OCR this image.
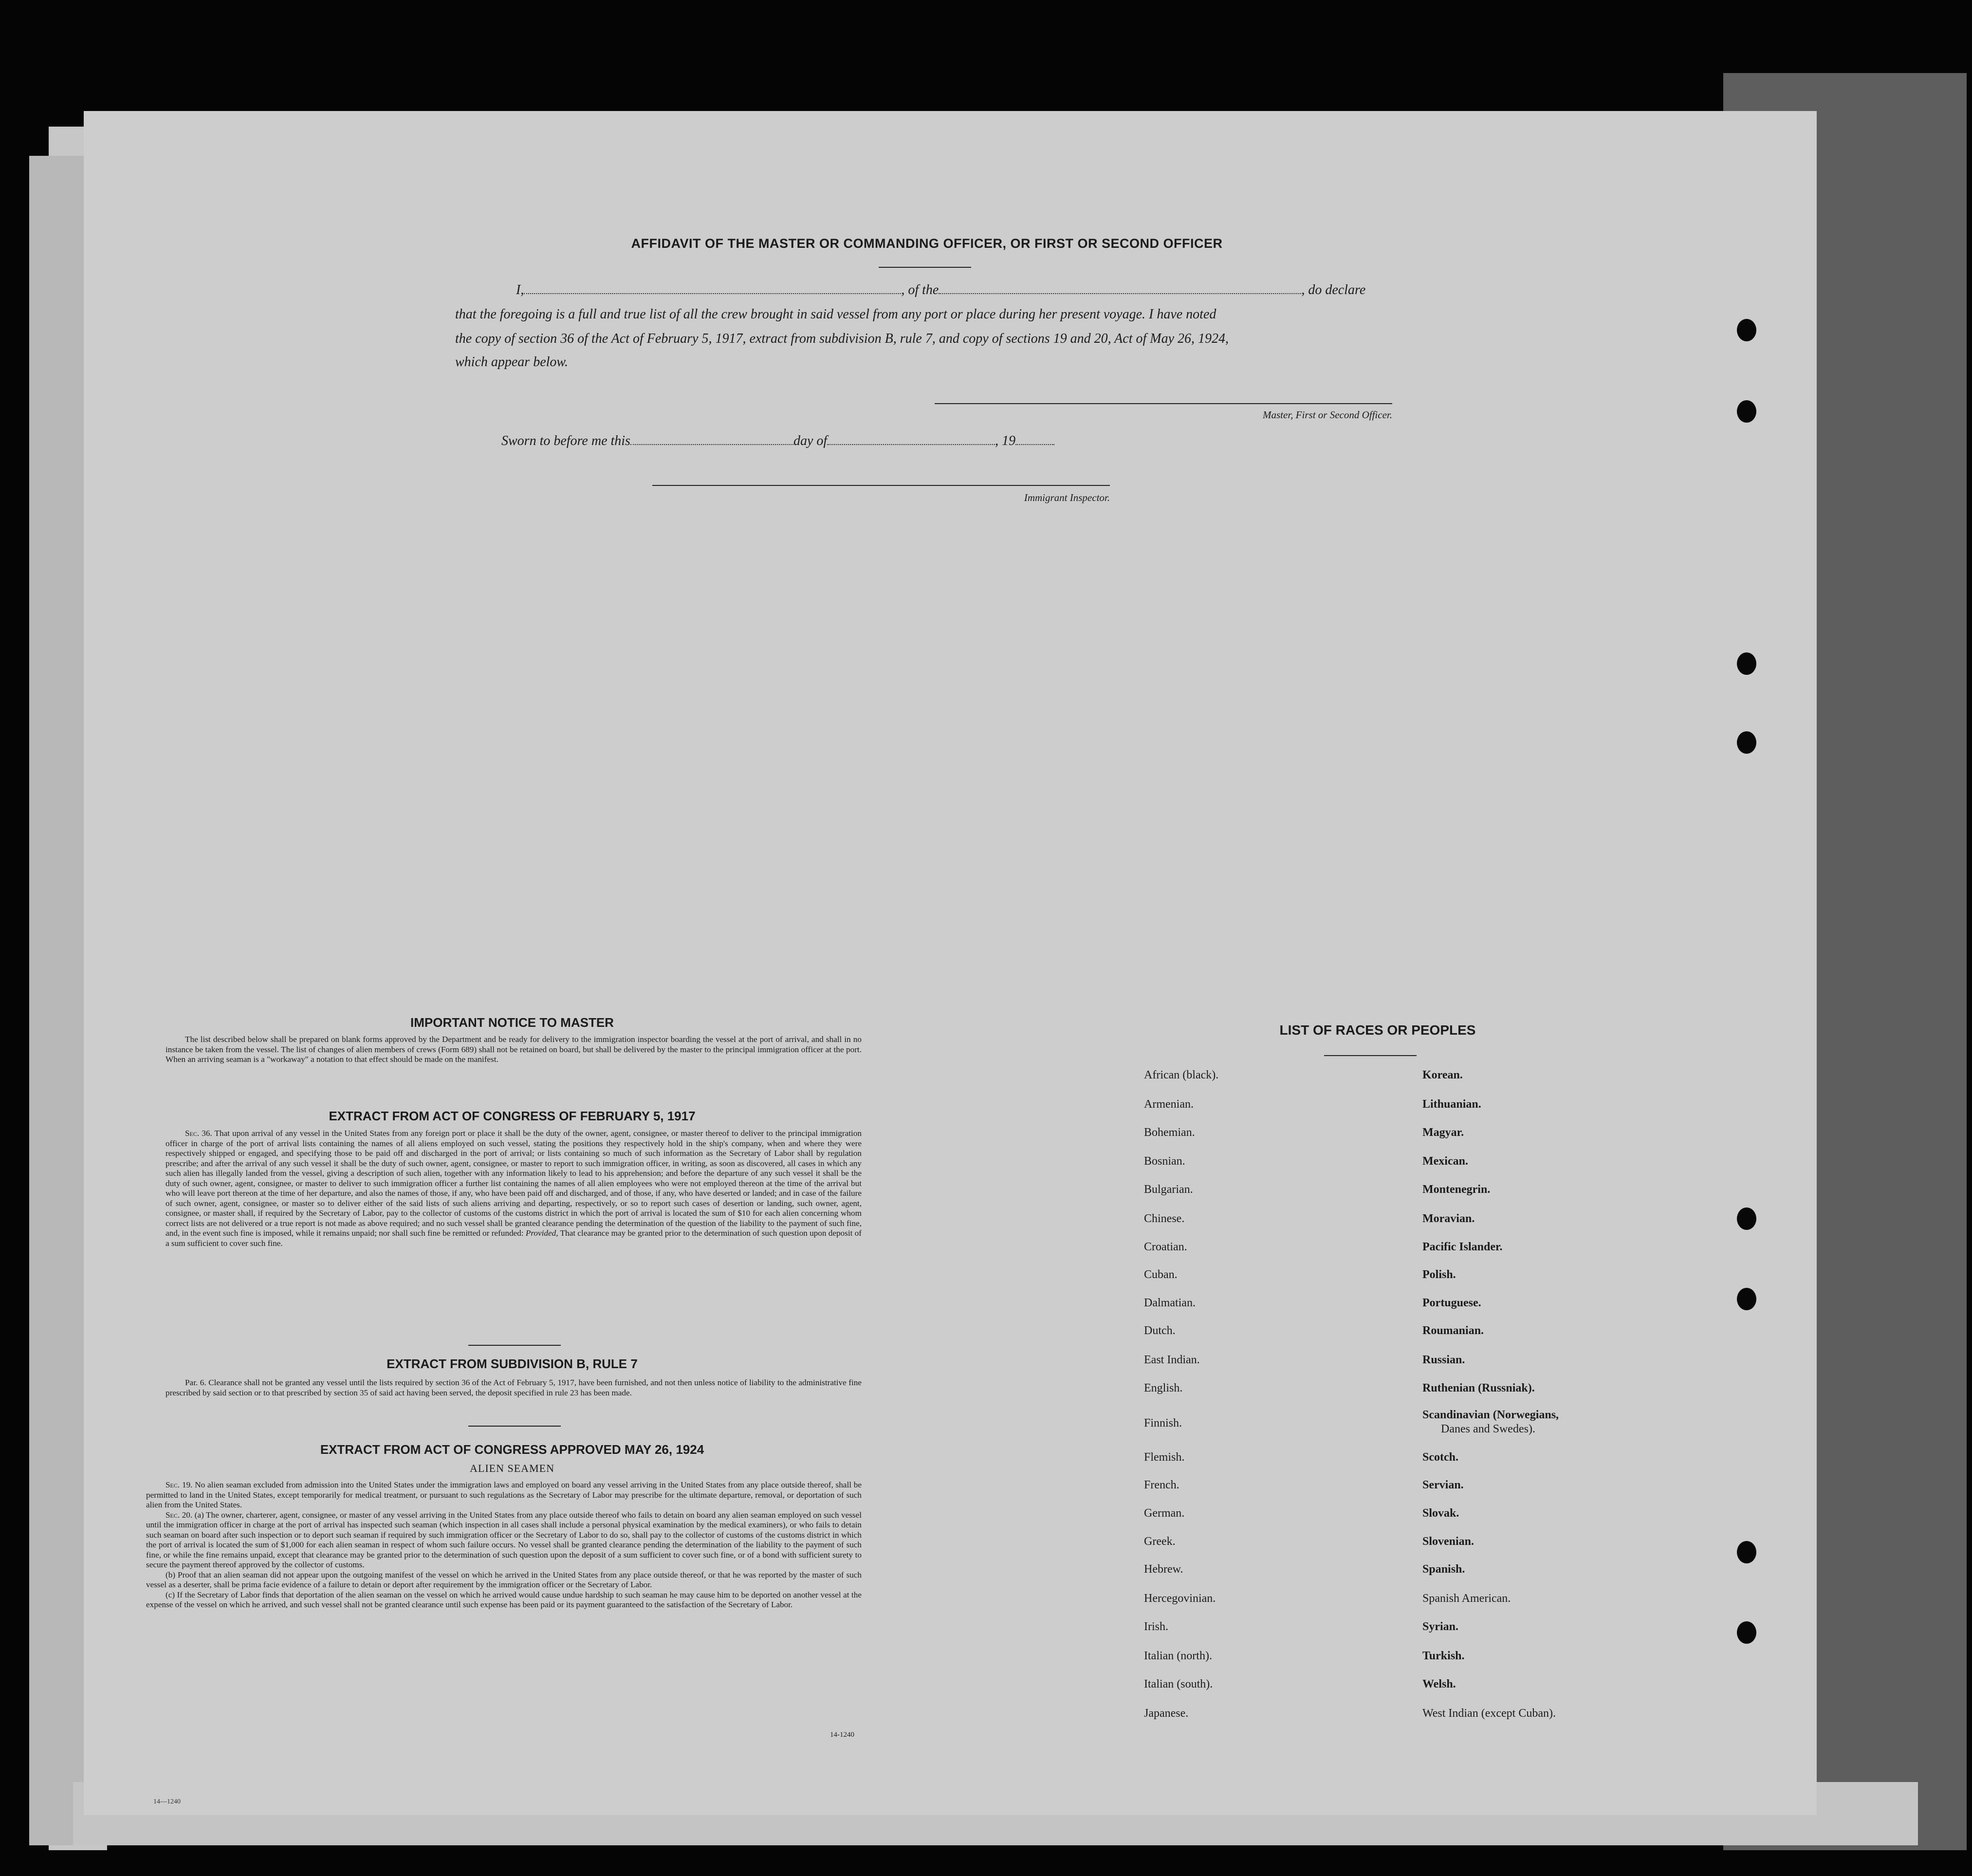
AFFIDAVIT OF THE MASTER OR COMMANDING OFFICER, OR FIRST OR SECOND OFFICER
I,	, of the	, do declare
that the foregoing is a full and true list of all the crew brought in said vessel from any port or place during her present voyage. I have noted
the copy of section 36 of the Act of February 5, 1917, extract from subdivision B, rule 7, and copy of sections 19 and 20, Act of May 26, 1924,
which appear below.
Master, First or Second Officer.
Sworn to before me this	day of	, 19
Immigrant Inspector.
IMPORTANT NOTICE TO MASTER
The list described below shall be prepared on blank forms approved by the Department and be ready for delivery to the immigration inspector boarding the vessel at the port of arrival, and shall in no instance be taken from the vessel. The list of changes of alien members of crews (Form 689) shall not be retained on board, but shall be delivered by the master to the principal immigration officer at the port. When an arriving seaman is a "workaway" a notation to that effect should be made on the manifest.
EXTRACT FROM ACT OF CONGRESS OF FEBRUARY 5, 1917
Sec. 36. That upon arrival of any vessel in the United States from any foreign port or place it shall be the duty of the owner, agent, consignee, or master thereof to deliver to the principal immigration officer in charge of the port of arrival lists containing the names of all aliens employed on such vessel, stating the positions they respectively hold in the ship's company, when and where they were respectively shipped or engaged, and specifying those to be paid off and discharged in the port of arrival; or lists containing so much of such information as the Secretary of Labor shall by regulation prescribe; and after the arrival of any such vessel it shall be the duty of such owner, agent, consignee, or master to report to such immigration officer, in writing, as soon as discovered, all cases in which any such alien has illegally landed from the vessel, giving a description of such alien, together with any information likely to lead to his apprehension; and before the departure of any such vessel it shall be the duty of such owner, agent, consignee, or master to deliver to such immigration officer a further list containing the names of all alien employees who were not employed thereon at the time of the arrival but who will leave port thereon at the time of her departure, and also the names of those, if any, who have been paid off and discharged, and of those, if any, who have deserted or landed; and in case of the failure of such owner, agent, consignee, or master so to deliver either of the said lists of such aliens arriving and departing, respectively, or so to report such cases of desertion or landing, such owner, agent, consignee, or master shall, if required by the Secretary of Labor, pay to the collector of customs of the customs district in which the port of arrival is located the sum of $10 for each alien concerning whom correct lists are not delivered or a true report is not made as above required; and no such vessel shall be granted clearance pending the determination of the question of the liability to the payment of such fine, and, in the event such fine is imposed, while it remains unpaid; nor shall such fine be remitted or refunded: Provided, That clearance may be granted prior to the determination of such question upon deposit of a sum sufficient to cover such fine.
EXTRACT FROM SUBDIVISION B, RULE 7
Par. 6. Clearance shall not be granted any vessel until the lists required by section 36 of the Act of February 5, 1917, have been furnished, and not then unless notice of liability to the administrative fine prescribed by said section or to that prescribed by section 35 of said act having been served, the deposit specified in rule 23 has been made.
EXTRACT FROM ACT OF CONGRESS APPROVED MAY 26, 1924
ALIEN SEAMEN
Sec. 19. No alien seaman excluded from admission into the United States under the immigration laws and employed on board any vessel arriving in the United States from any place outside thereof, shall be permitted to land in the United States, except temporarily for medical treatment, or pursuant to such regulations as the Secretary of Labor may prescribe for the ultimate departure, removal, or deportation of such alien from the United States.
Sec. 20. (a) The owner, charterer, agent, consignee, or master of any vessel arriving in the United States from any place outside thereof who fails to detain on board any alien seaman employed on such vessel until the immigration officer in charge at the port of arrival has inspected such seaman (which inspection in all cases shall include a personal physical examination by the medical examiners), or who fails to detain such seaman on board after such inspection or to deport such seaman if required by such immigration officer or the Secretary of Labor to do so, shall pay to the collector of customs of the customs district in which the port of arrival is located the sum of $1,000 for each alien seaman in respect of whom such failure occurs. No vessel shall be granted clearance pending the determination of the liability to the payment of such fine, or while the fine remains unpaid, except that clearance may be granted prior to the determination of such question upon the deposit of a sum sufficient to cover such fine, or of a bond with sufficient surety to secure the payment thereof approved by the collector of customs.
(b) Proof that an alien seaman did not appear upon the outgoing manifest of the vessel on which he arrived in the United States from any place outside thereof, or that he was reported by the master of such vessel as a deserter, shall be prima facie evidence of a failure to detain or deport after requirement by the immigration officer or the Secretary of Labor.
(c) If the Secretary of Labor finds that deportation of the alien seaman on the vessel on which he arrived would cause undue hardship to such seaman he may cause him to be deported on another vessel at the expense of the vessel on which he arrived, and such vessel shall not be granted clearance until such expense has been paid or its payment guaranteed to the satisfaction of the Secretary of Labor.
14-1240
14—1240
LIST OF RACES OR PEOPLES
African (black).
Armenian.
Bohemian.
Bosnian.
Bulgarian.
Chinese.
Croatian.
Cuban.
Dalmatian.
Dutch.
East Indian.
English.
Finnish.
Flemish.
French.
German.
Greek.
Hebrew.
Hercegovinian.
Irish.
Italian (north).
Italian (south).
Japanese.
Korean.
Lithuanian.
Magyar.
Mexican.
Montenegrin.
Moravian.
Pacific Islander.
Polish.
Portuguese.
Roumanian.
Russian.
Ruthenian (Russniak).
Scandinavian (Norwegians,
Danes and Swedes).
Scotch.
Servian.
Slovak.
Slovenian.
Spanish.
Spanish American.
Syrian.
Turkish.
Welsh.
West Indian (except Cuban).
